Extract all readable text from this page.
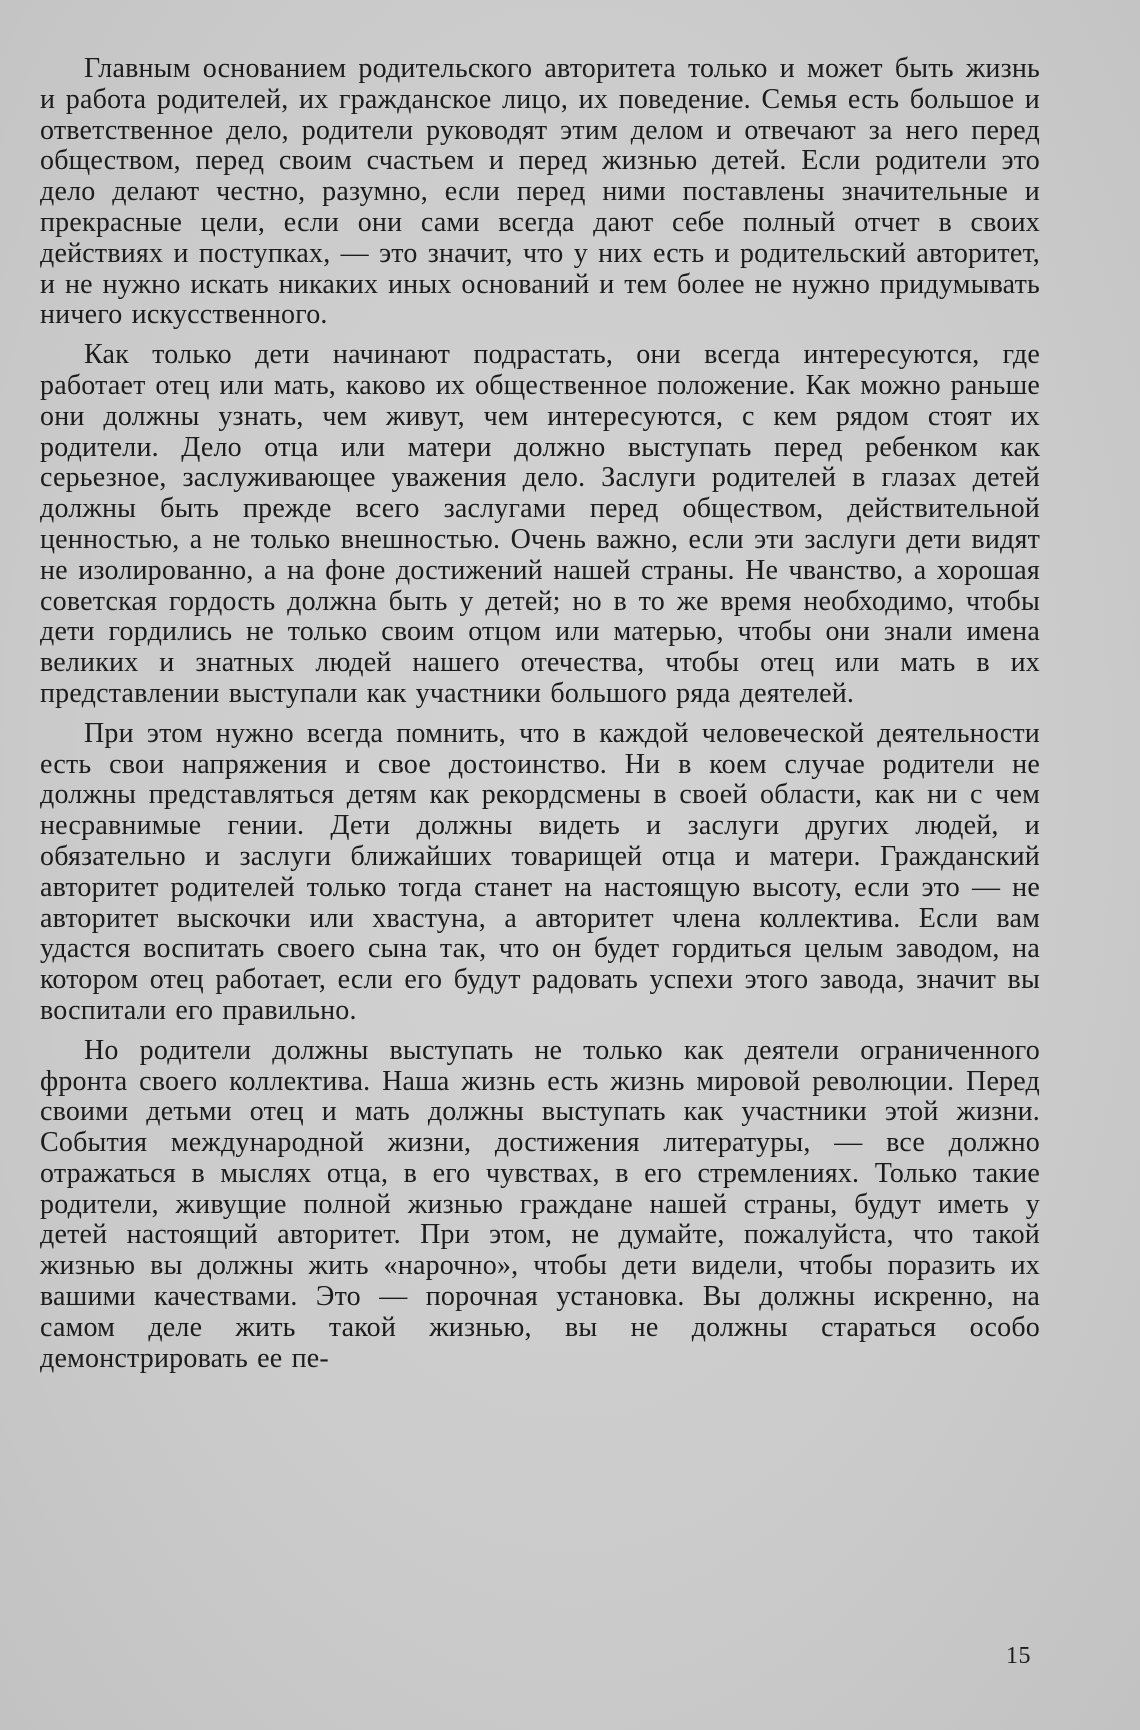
Главным основанием родительского авторитета только и может быть жизнь и работа родителей, их гражданское лицо, их поведение. Семья есть большое и ответственное дело, родители руководят этим делом и отвечают за него перед обществом, перед своим счастьем и перед жизнью детей. Если родители это дело делают честно, разумно, если перед ними поставлены значительные и прекрасные цели, если они сами всегда дают себе полный отчет в своих действиях и поступках, — это значит, что у них есть и родительский авторитет, и не нужно искать никаких иных оснований и тем более не нужно придумывать ничего искусственного.

Как только дети начинают подрастать, они всегда интересуются, где работает отец или мать, каково их общественное положение. Как можно раньше они должны узнать, чем живут, чем интересуются, с кем рядом стоят их родители. Дело отца или матери должно выступать перед ребенком как серьезное, заслуживающее уважения дело. Заслуги родителей в глазах детей должны быть прежде всего заслугами перед обществом, действительной ценностью, а не только внешностью. Очень важно, если эти заслуги дети видят не изолированно, а на фоне достижений нашей страны. Не чванство, а хорошая советская гордость должна быть у детей; но в то же время необходимо, чтобы дети гордились не только своим отцом или матерью, чтобы они знали имена великих и знатных людей нашего отечества, чтобы отец или мать в их представлении выступали как участники большого ряда деятелей.

При этом нужно всегда помнить, что в каждой человеческой деятельности есть свои напряжения и свое достоинство. Ни в коем случае родители не должны представляться детям как рекордсмены в своей области, как ни с чем несравнимые гении. Дети должны видеть и заслуги других людей, и обязательно и заслуги ближайших товарищей отца и матери. Гражданский авторитет родителей только тогда станет на настоящую высоту, если это — не авторитет выскочки или хвастуна, а авторитет члена коллектива. Если вам удастся воспитать своего сына так, что он будет гордиться целым заводом, на котором отец работает, если его будут радовать успехи этого завода, значит вы воспитали его правильно.

Но родители должны выступать не только как деятели ограниченного фронта своего коллектива. Наша жизнь есть жизнь мировой революции. Перед своими детьми отец и мать должны выступать как участники этой жизни. События международной жизни, достижения литературы, — все должно отражаться в мыслях отца, в его чувствах, в его стремлениях. Только такие родители, живущие полной жизнью граждане нашей страны, будут иметь у детей настоящий авторитет. При этом, не думайте, пожалуйста, что такой жизнью вы должны жить «нарочно», чтобы дети видели, чтобы поразить их вашими качествами. Это — порочная установка. Вы должны искренно, на самом деле жить такой жизнью, вы не должны стараться особо демонстрировать ее пе-

15
